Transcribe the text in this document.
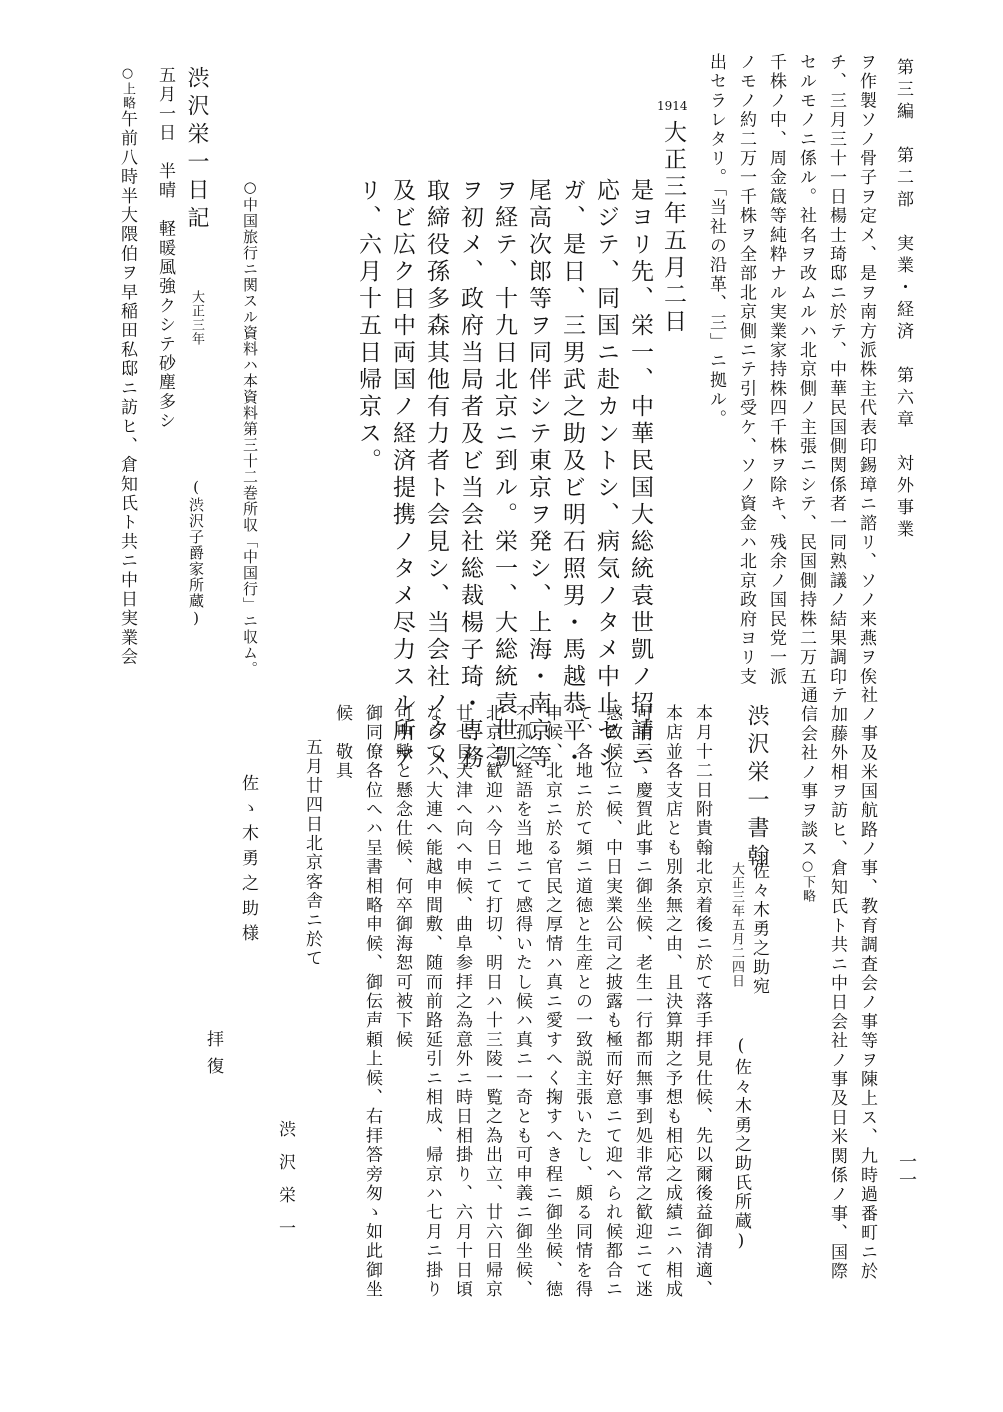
第三編　第二部　実業・経済　第六章　対外事業
一一
ヲ作製ソノ骨子ヲ定メ、是ヲ南方派株主代表印錫璋ニ諮リ、ソノ来燕ヲ俟
チ、三月三十一日楊士琦邸ニ於テ、中華民国側関係者一同熟議ノ結果調印
セルモノニ係ル。社名ヲ改ムルハ北京側ノ主張ニシテ、民国側持株二万五
千株ノ中、周金箴等純粋ナル実業家持株四千株ヲ除キ、残余ノ国民党一派
ノモノ約二万一千株ヲ全部北京側ニテ引受ケ、ソノ資金ハ北京政府ヨリ支
出セラレタリ。「当社の沿革、三」ニ拠ル。
1914
大正三年五月二日
是ヨリ先、栄一、中華民国大総統袁世凱ノ招請ニ
応ジテ、同国ニ赴カントシ、病気ノタメ中止セシ
ガ、是日、三男武之助及ビ明石照男・馬越恭平・
尾高次郎等ヲ同伴シテ東京ヲ発シ、上海・南京等
ヲ経テ、十九日北京ニ到ル。栄一、大総統袁世凱
ヲ初メ、政府当局者及ビ当会社総裁楊子琦・専務
取締役孫多森其他有力者ト会見シ、当会社ノタメ、
及ビ広ク日中両国ノ経済提携ノタメ尽力スル所ア
リ、六月十五日帰京ス。
○中国旅行ニ関スル資料ハ本資料第三十二巻所収「中国行」ニ収ム。
渋沢栄一日記
大正三年
(渋沢子爵家所蔵)
五月一日　半晴　軽暖風強クシテ砂塵多シ
○上略午前八時半大隈伯ヲ早稲田私邸ニ訪ヒ、倉知氏ト共ニ中日実業会
社ノ事及米国航路ノ事、教育調査会ノ事等ヲ陳上ス、九時過番町ニ於
テ加藤外相ヲ訪ヒ、倉知氏ト共ニ中日会社ノ事及日米関係ノ事、国際
通信会社ノ事ヲ談ス○下略
渋沢栄一書翰
佐々木勇之助宛
大正三年五月二四日
(佐々木勇之助氏所蔵)
本月十二日附貴翰北京着後ニ於て落手拝見仕候、先以爾後益御清適、
本店並各支店とも別条無之由、且決算期之予想も相応之成績ニハ相成
可申云ゝ慶賀此事ニ御坐候、老生一行都而無事到処非常之歓迎ニて迷
惑致候位ニ候、中日実業公司之披露も極而好意ニて迎へられ候都合ニ
て、各地ニ於て頻ニ道徳と生産との一致説主張いたし、頗る同情を得
申候、北京ニ於る官民之厚情ハ真ニ愛すへく掬すへき程ニ御坐候、徳
不孤之経語を当地ニて感得いたし候ハ真ニ一奇とも可申義ニ御坐候、
北京之歓迎ハ今日ニて打切、明日ハ十三陵一覧之為出立、廿六日帰京
廿七日天津へ向へ申候、曲阜参拝之為意外ニ時日相掛り、六月十日頃
ならてハ大連へ能越申間敷、随而前路延引ニ相成、帰京ハ七月ニ掛り
可申歟と懸念仕候、何卒御海恕可被下候
御同僚各位へハ呈書相略申候、御伝声頼上候、右拝答旁匆ゝ如此御坐
候　敬具
五月廿四日北京客舎ニ於て
渋沢栄一
佐ゝ木勇之助様
拝復
